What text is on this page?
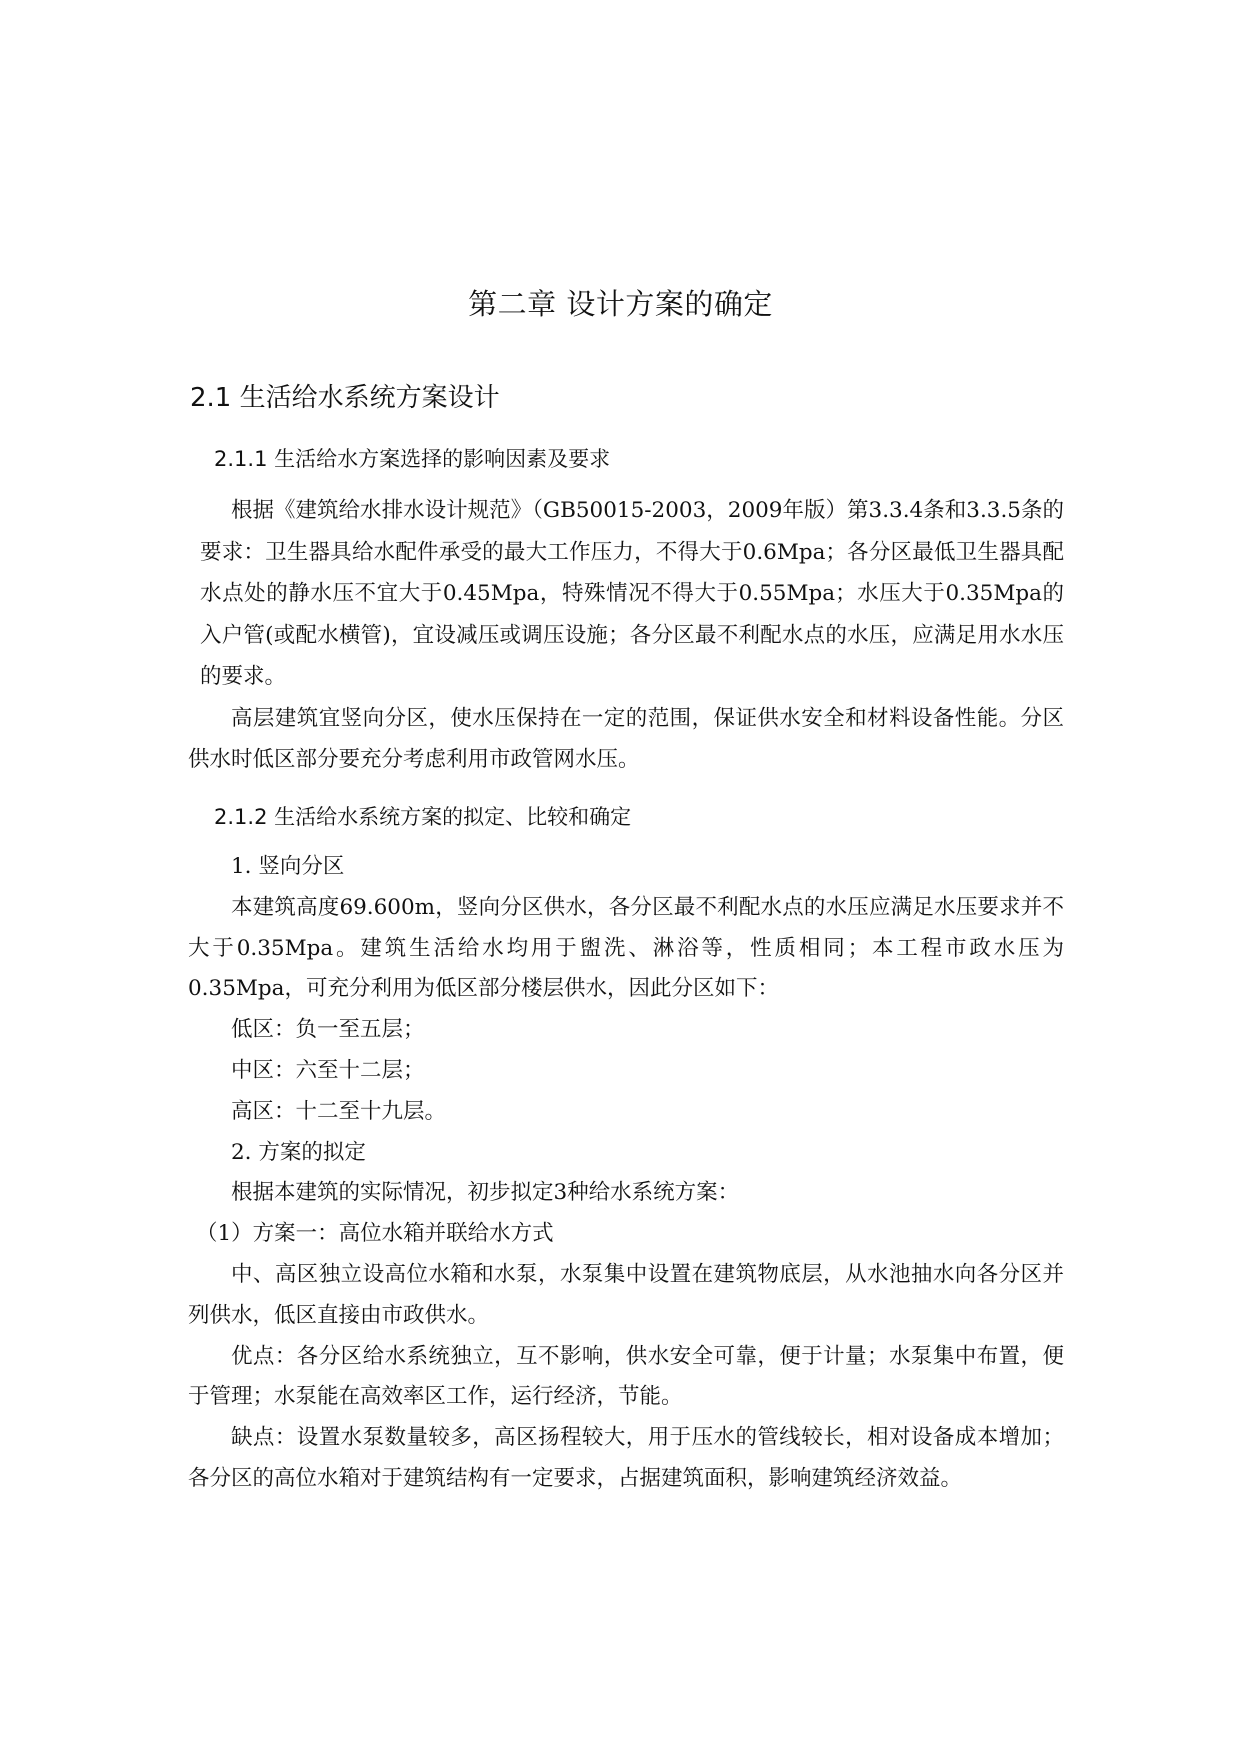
第二章 设计方案的确定
2.1 生活给水系统方案设计
2.1.1 生活给水方案选择的影响因素及要求

根据《建筑给水排水设计规范》（GB50015-2003，2009年版）第3.3.4条和3.3.5条的要求：卫生器具给水配件承受的最大工作压力，不得大于0.6Mpa；各分区最低卫生器具配水点处的静水压不宜大于0.45Mpa，特殊情况不得大于0.55Mpa；水压大于0.35Mpa的入户管(或配水横管)，宜设减压或调压设施；各分区最不利配水点的水压，应满足用水水压的要求。

高层建筑宜竖向分区，使水压保持在一定的范围，保证供水安全和材料设备性能。分区供水时低区部分要充分考虑利用市政管网水压。

2.1.2 生活给水系统方案的拟定、比较和确定

1. 竖向分区

本建筑高度69.600m，竖向分区供水，各分区最不利配水点的水压应满足水压要求并不大于0.35Mpa。建筑生活给水均用于盥洗、淋浴等，性质相同；本工程市政水压为0.35Mpa，可充分利用为低区部分楼层供水，因此分区如下：

低区：负一至五层；

中区：六至十二层；

高区：十二至十九层。

2. 方案的拟定

根据本建筑的实际情况，初步拟定3种给水系统方案：

（1）方案一：高位水箱并联给水方式

中、高区独立设高位水箱和水泵，水泵集中设置在建筑物底层，从水池抽水向各分区并列供水，低区直接由市政供水。

优点：各分区给水系统独立，互不影响，供水安全可靠，便于计量；水泵集中布置，便于管理；水泵能在高效率区工作，运行经济，节能。

缺点：设置水泵数量较多，高区扬程较大，用于压水的管线较长，相对设备成本增加；各分区的高位水箱对于建筑结构有一定要求，占据建筑面积，影响建筑经济效益。
